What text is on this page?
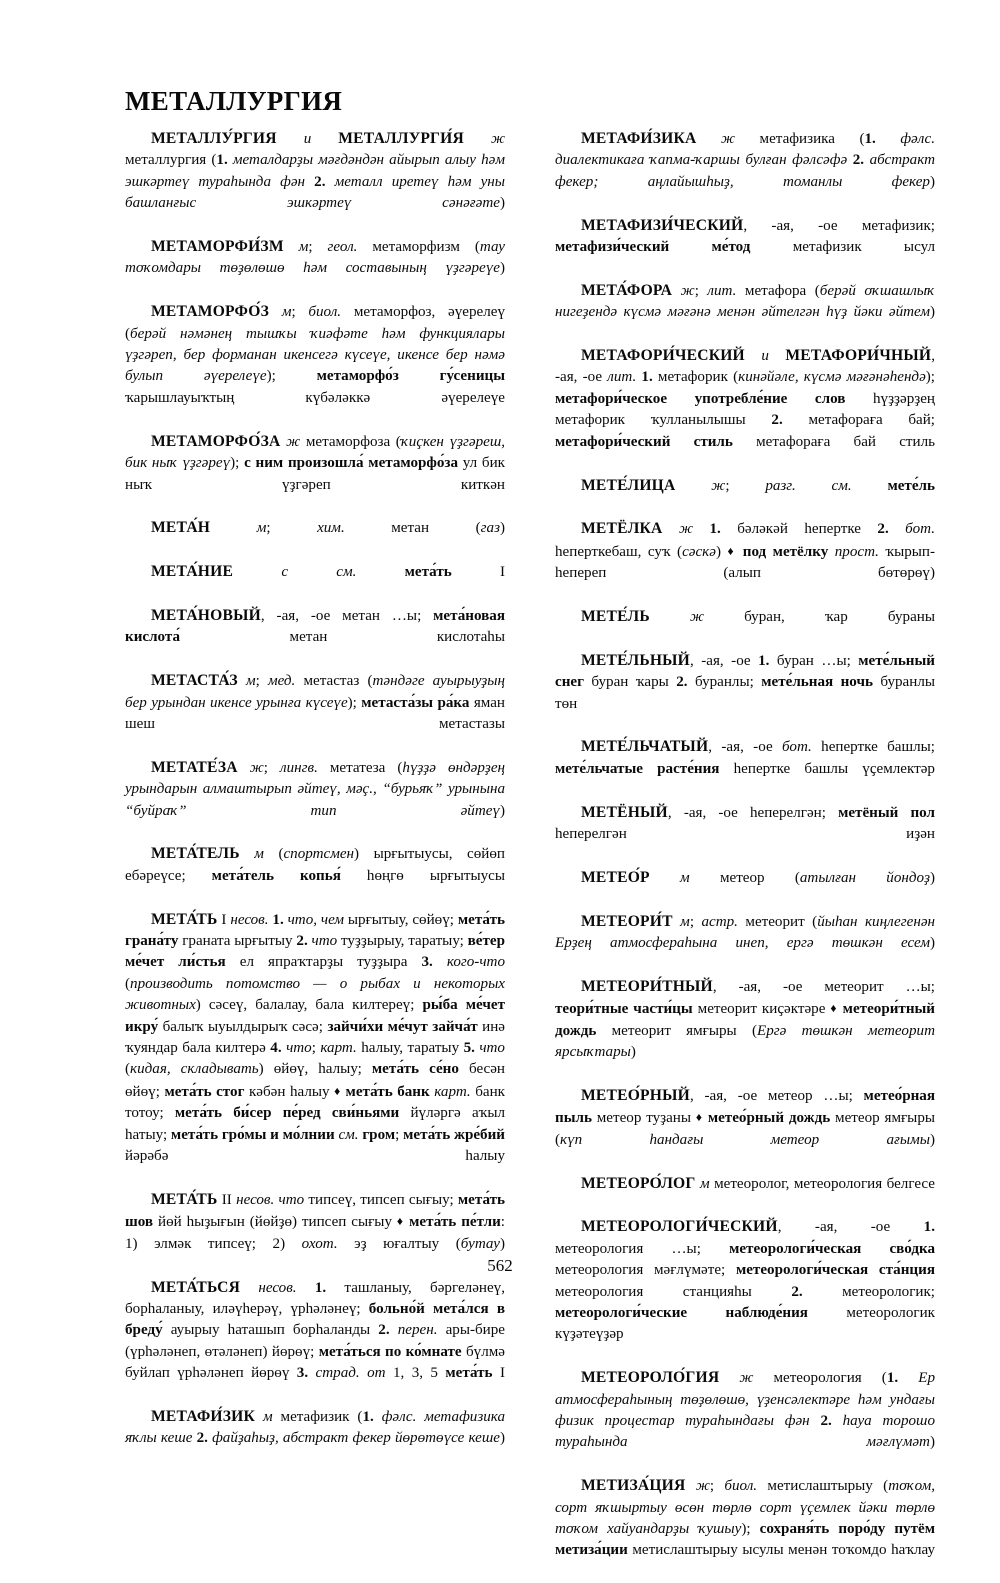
МЕТАЛЛУРГИЯ

МЕТАЛЛУ́РГИЯ и МЕТАЛЛУРГИ́Я ж металлургия (1. металдарҙы мәғдәндән айырып алыу һәм эшкәртеү тураһында фән 2. металл иретеү һәм уны башланғыс эшкәртеү сәнәғәте)

МЕТАМОРФИ́ЗМ м; геол. метаморфизм (тау тоҡомдары төҙөлөшө һәм составының үҙгәреүе)

МЕТАМОРФО́З м; биол. метаморфоз, әүерелеү (берәй нәмәнең тышҡы ҡиәфәте һәм функциялары үҙгәреп, бер форманан икенсегә күсеүе, икенсе бер нәмә булып әүерелеүе); метаморфо́з гу́сеницы ҡарышлауыҡтың күбәләккә әүерелеүе

МЕТАМОРФО́ЗА ж метаморфоза (ҡиҫкен үҙгәреш, бик ныҡ үҙгәреү); с ним произошла́ метаморфо́за ул бик ныҡ үҙгәреп киткән

МЕТА́Н	м; хим. метан (газ)

МЕТА́НИЕ	с см.	мета́ть I

МЕТА́НОВЫЙ, -ая, -ое метан …ы; мета́новая кислота́ метан кислотаһы

МЕТАСТА́З м; мед. метастаз (тәндәге ауырыуҙың бер урындан икенсе урынға күсеүе); метаста́зы ра́ка яман шеш метастазы

МЕТАТЕ́ЗА ж; лингв. метатеза (һүҙҙә өндәрҙең урындарын алмаштырып әйтеү, мәҫ., “бурьяҡ” урынына “буйраҡ” тип әйтеү)

МЕТА́ТЕЛЬ м (спортсмен) ырғытыусы, сөйөп ебәреүсе; мета́тель копья́ һөңгө ырғытыусы

МЕТА́ТЬ I несов. 1. что, чем ырғытыу, сөйөү; мета́ть грана́ту граната ырғытыу 2. что туҙҙырыу, таратыу; ве́тер ме́чет ли́стья ел япраҡтарҙы туҙҙыра 3. кого-что (производить потомство — о рыбах и некоторых животных) сәсеү, балалау, бала килтереү; ры́ба ме́чет икру́ балыҡ ыуылдырыҡ сәсә; зайчи́хи ме́чут зайча́т инә ҡуяндар бала килтерә 4. что; карт. һалыу, таратыу 5. что (кидая, складывать) өйөү, һалыу; мета́ть се́но бесән өйөү; мета́ть стог кәбән һалыу ♦ мета́ть банк карт. банк тотоу; мета́ть би́сер пе́ред сви́ньями йүләргә аҡыл һатыу; мета́ть гро́мы и мо́лнии см. гром; мета́ть жре́бий йәрәбә һалыу

МЕТА́ТЬ II несов. что типсеү, типсеп сығыу; мета́ть шов йөй һыҙығын (йөйҙө) типсеп сығыу ♦ мета́ть пе́тли: 1) элмәк типсеү; 2) охот. эҙ юғалтыу (бутау)

МЕТА́ТЬСЯ несов. 1. ташланыу, бәргеләнеү, борһаланыу, иләүһерәү, үрһәләнеү; больно́й мета́лся в бреду́ ауырыу һаташып борһаланды 2. перен. ары-бире (үрһәләнеп, өтәләнеп) йөрөү; мета́ться по ко́мнате бүлмә буйлап үрһәләнеп йөрөү 3. страд. от 1, 3, 5 мета́ть I

МЕТАФИ́ЗИК м метафизик (1. фәлс. метафизика яҡлы кеше 2. файҙаһыҙ, абстракт фекер йөрөтөүсе кеше)

МЕТАФИ́ЗИКА ж метафизика (1. фәлс. диалектикаға ҡапма-ҡаршы булған фәлсәфә 2. абстракт фекер; аңлайышһыҙ, томанлы фекер)

МЕТАФИЗИ́ЧЕСКИЙ, -ая, -ое метафизик; метафизи́ческий ме́тод метафизик ысул

МЕТА́ФОРА ж; лит. метафора (берәй оҡшашлыҡ нигеҙендә күсмә мәғәнә менән әйтелгән һүҙ йәки әйтем)

МЕТАФОРИ́ЧЕСКИЙ и МЕТАФОРИ́ЧНЫЙ, -ая, -ое лит. 1. метафорик (кинәйәле, күсмә мәғәнәһендә); метафори́ческое употребле́ние слов һүҙҙәрҙең метафорик ҡулланылышы 2. метафораға бай; метафори́ческий стиль метафораға бай стиль

МЕТЕ́ЛИЦА ж; разг. см. мете́ль

МЕТЁЛКА ж 1. бәләкәй һепертке 2. бот. һеперткебаш, суҡ (сәскә) ♦ под метёлку прост. ҡырып-һепереп (алып бөтөрөү)

МЕТЕ́ЛЬ	ж буран, ҡар бураны

МЕТЕ́ЛЬНЫЙ, -ая, -ое 1. буран …ы; мете́льный снег буран ҡары 2. буранлы; мете́льная ночь буранлы төн

МЕТЕ́ЛЬЧАТЫЙ, -ая, -ое бот. һепертке башлы; мете́льчатые расте́ния һепертке башлы үҫемлектәр

МЕТЁНЫЙ, -ая, -ое һеперелгән; метёный пол һеперелгән иҙән

МЕТЕО́Р м метеор (атылған йондоҙ)

МЕТЕОРИ́Т м; астр. метеорит (йыһан киңлегенән Ерҙең атмосфераһына инеп, ергә төшкән есем)

МЕТЕОРИ́ТНЫЙ, -ая, -ое метеорит …ы; теори́тные части́цы метеорит киҫәктәре ♦ метеори́тный дождь метеорит ямғыры (Ергә төшкән метеорит ярсыҡтары)

МЕТЕО́РНЫЙ, -ая, -ое метеор …ы; метео́рная пыль метеор туҙаны ♦ метео́рный дождь метеор ямғыры (күп һандағы метеор ағымы)

МЕТЕОРО́ЛОГ м метеоролог, метеорология белгесе

МЕТЕОРОЛОГИ́ЧЕСКИЙ, -ая, -ое 1. метеорология …ы; метеорологи́ческая сво́дка метеорология мәғлүмәте; метеорологи́ческая ста́нция метеорология станцияһы 2. метеорологик; метеорологи́ческие наблюде́ния метеорологик күҙәтеүҙәр

МЕТЕОРОЛО́ГИЯ ж метеорология (1. Ер атмосфераһының төҙөлөшө, үҙенсәлектәре һәм ундағы физик процестар тураһындағы фән 2. һауа торошо тураһында мәғлүмәт)

МЕТИЗА́ЦИЯ ж; биол. метислаштырыу (тоҡом, сорт яҡшыртыу өсөн төрлө сорт үҫемлек йәки төрлө тоҡом хайуандарҙы ҡушыу); сохраня́ть поро́ду путём метиза́ции метислаштырыу ысулы менән тоҡомдо һаҡлау

562
